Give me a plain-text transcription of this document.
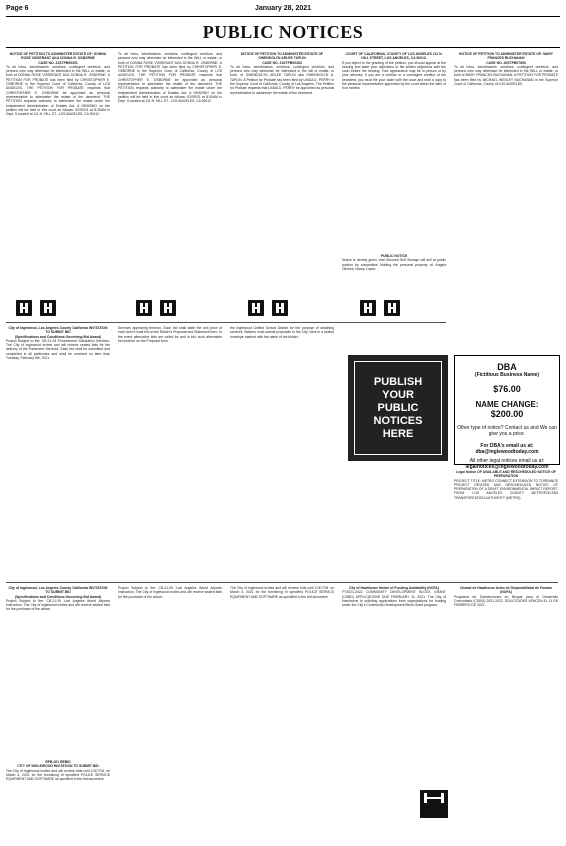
Page 6	January 28, 2021
PUBLIC NOTICES
NOTICE OF PETITION TO ADMINISTER ESTATE OF: DONNA ROSE VISSERANT AKA DONNA R. OSBORNE
CASE NO. 21STPB00391

To all heirs, beneficiaries, creditors, contingent creditors, and persons who may otherwise be interested in the WILL or estate, or both of DONNA ROSE VISSERANT AKA DONNA R. OSBORNE. A PETITION FOR PROBATE has been filed by CHRISTOPHER E. OSBORNE in the Superior Court of California, County of LOS ANGELES. THE PETITION FOR PROBATE requests that CHRISTOPHER E. OSBORNE be appointed as personal representative to administer the estate of the decedent. THE PETITION requests authority to administer the estate under the Independent Administration of Estates Act. A HEARING on the petition will be held in this court as follows: 02/09/21 at 8:30AM in Dept. 5 located at 111 N. HILL ST., LOS ANGELES, CA 90012.

To all heirs, beneficiaries, creditors, contingent creditors, and persons who may otherwise be interested in the WILL or estate, or both of DONNA ROSE VISSERANT AKA DONNA R. OSBORNE. A PETITION FOR PROBATE has been filed by CHRISTOPHER E. OSBORNE in the Superior Court of California, County of LOS ANGELES. THE PETITION FOR PROBATE requests that CHRISTOPHER E. OSBORNE be appointed as personal representative to administer the estate of the decedent. THE PETITION requests authority to administer the estate under the Independent Administration of Estates Act. A HEARING on the petition will be held in this court as follows: 02/09/21 at 8:30AM in Dept. 5 located at 111 N. HILL ST., LOS ANGELES, CA 90012.

NOTICE OF PETITION TO ADMINISTER ESTATE OF GWENDOLYN ARLEE TAPLIN
CASE NO. 21STPB00284

To all heirs, beneficiaries, creditors, contingent creditors, and persons who may otherwise be interested in the will or estate, or both, of GWENDOLYN ARLEE TAPLIN aka GWENDOLYN A. TAPLIN. A Petition for Probate has been filed by LINDA D. PERRY in the Superior Court of California, County of Los Angeles. The Petition for Probate requests that LINDA D. PERRY be appointed as personal representative to administer the estate of the decedent.

COURT OF CALIFORNIA, COUNTY OF LOS ANGELES 111 N. HILL STREET, LOS ANGELES, CA 90012.

If you object to the granting of the petition, you should appear at the hearing and state your objections or file written objections with the court before the hearing. Your appearance may be in person or by your attorney. If you are a creditor or a contingent creditor of the decedent, you must file your claim with the court and mail a copy to the personal representative appointed by the court within the later of four months.

NOTICE OF PETITION TO ADMINISTER ESTATE OF: MARY FRANCES BUCHANAN
CASE NO. 20STPB07653

To all heirs, beneficiaries, creditors, contingent creditors, and persons who may otherwise be interested in the WILL or estate, or both of MARY FRANCES BUCHANAN. A PETITION FOR PROBATE has been filed by MICHAEL WESLEY BUCHANAN in the Superior Court of California, County of LOS ANGELES.

City of Inglewood, Los Angeles County California INVITATION TO SUBMIT BID
(Specifications and Conditions Governing Bid Award)

Project Subject to the: CB-21-04 Procurement Solicitation Services. The City of Inglewood invites and will receive sealed bids for the delivery of the Pavement Services. Each bid shall be submitted and completed in all particulars and shall be received no later than Tuesday, February 9th, 2021.

Services appearing thereon. Each bid shall state the unit price of each item it shall bid on the Bidder's Proposal and Statement form. In the event alternative bids are called for and in bid, such alternative bid shall be on the Proposal form.

the Inglewood Unified School District for the purpose of obtaining services. Bidders must submit proposals to the City Clerk in a sealed envelope marked with the name of the bidder.

PUBLIC NOTICE

Notice is hereby given, that Secured Self Storage will sell at public auction by competitive bidding the personal property of: Angela Oliveira, Nancy Lopez.

PUBLISH
YOUR
PUBLIC
NOTICES
HERE
DBA
(Fictitious Business Name)
$76.00
NAME CHANGE:
$200.00
Other type of notice? Contact us and We can give you a price.
For DBA's email us at:
dba@inglewoodtoday.com
All other legal notices email us at:
legalnotices@inglewoodtoday.com
Legal Notice OF AVAILABLE AND RESCHEDULED NOTICE OF PREPARATION

PROJECT TITLE: METRO CONNECT EXTENSION TO TORRANCE PROJECT REVISED AND RESCHEDULED NOTICE OF PREPARATION OF A DRAFT ENVIRONMENTAL IMPACT REPORT. FROM: LOS ANGELES COUNTY METROPOLITAN TRANSPORTATION AUTHORITY (METRO).

City of Inglewood, Los Angeles County California INVITATION TO SUBMIT BID
(Specifications and Conditions Governing Bid Award)

Project Subject to the: CB-21-05 Lost Angeles World Airports Instruction. The City of Inglewood invites and will receive sealed bids for the purchase of the above.

RFB-001 REBID
CITY OF INGLEWOOD INVITATION TO SUBMIT BID

The City of Inglewood invites and will receive bids until 2:00 P.M. on March 4, 2021 for the furnishing of specified POLICE SERVICE EQUIPMENT AND SOFTWARE as specified in the bid document.

Project Subject to the: CB-21-05 Lost Angeles World Airports Instruction. The City of Inglewood invites and will receive sealed bids for the purchase of the above.

The City of Inglewood invites and will receive bids until 2:00 P.M. on March 4, 2021 for the furnishing of specified POLICE SERVICE EQUIPMENT AND SOFTWARE as specified in the bid document.

City of Hawthorne Notice of Funding Availability (NOFA)

FY2021-2022 COMMUNITY DEVELOPMENT BLOCK GRANT (CDBG) APPLICATIONS DUE FEBRUARY 11, 2021. The City of Hawthorne is soliciting applications from organizations for funding under the City's Community Development Block Grant program.

Ciudad de Hawthorne Aviso de Disponibilidad de Fondos (NOFA)

Programa de Subvenciones en Bloque para el Desarrollo Comunitario (CDBG) 2021-2022. SOLICITUDES VENCEN EL 11 DE FEBRERO DE 2021.
